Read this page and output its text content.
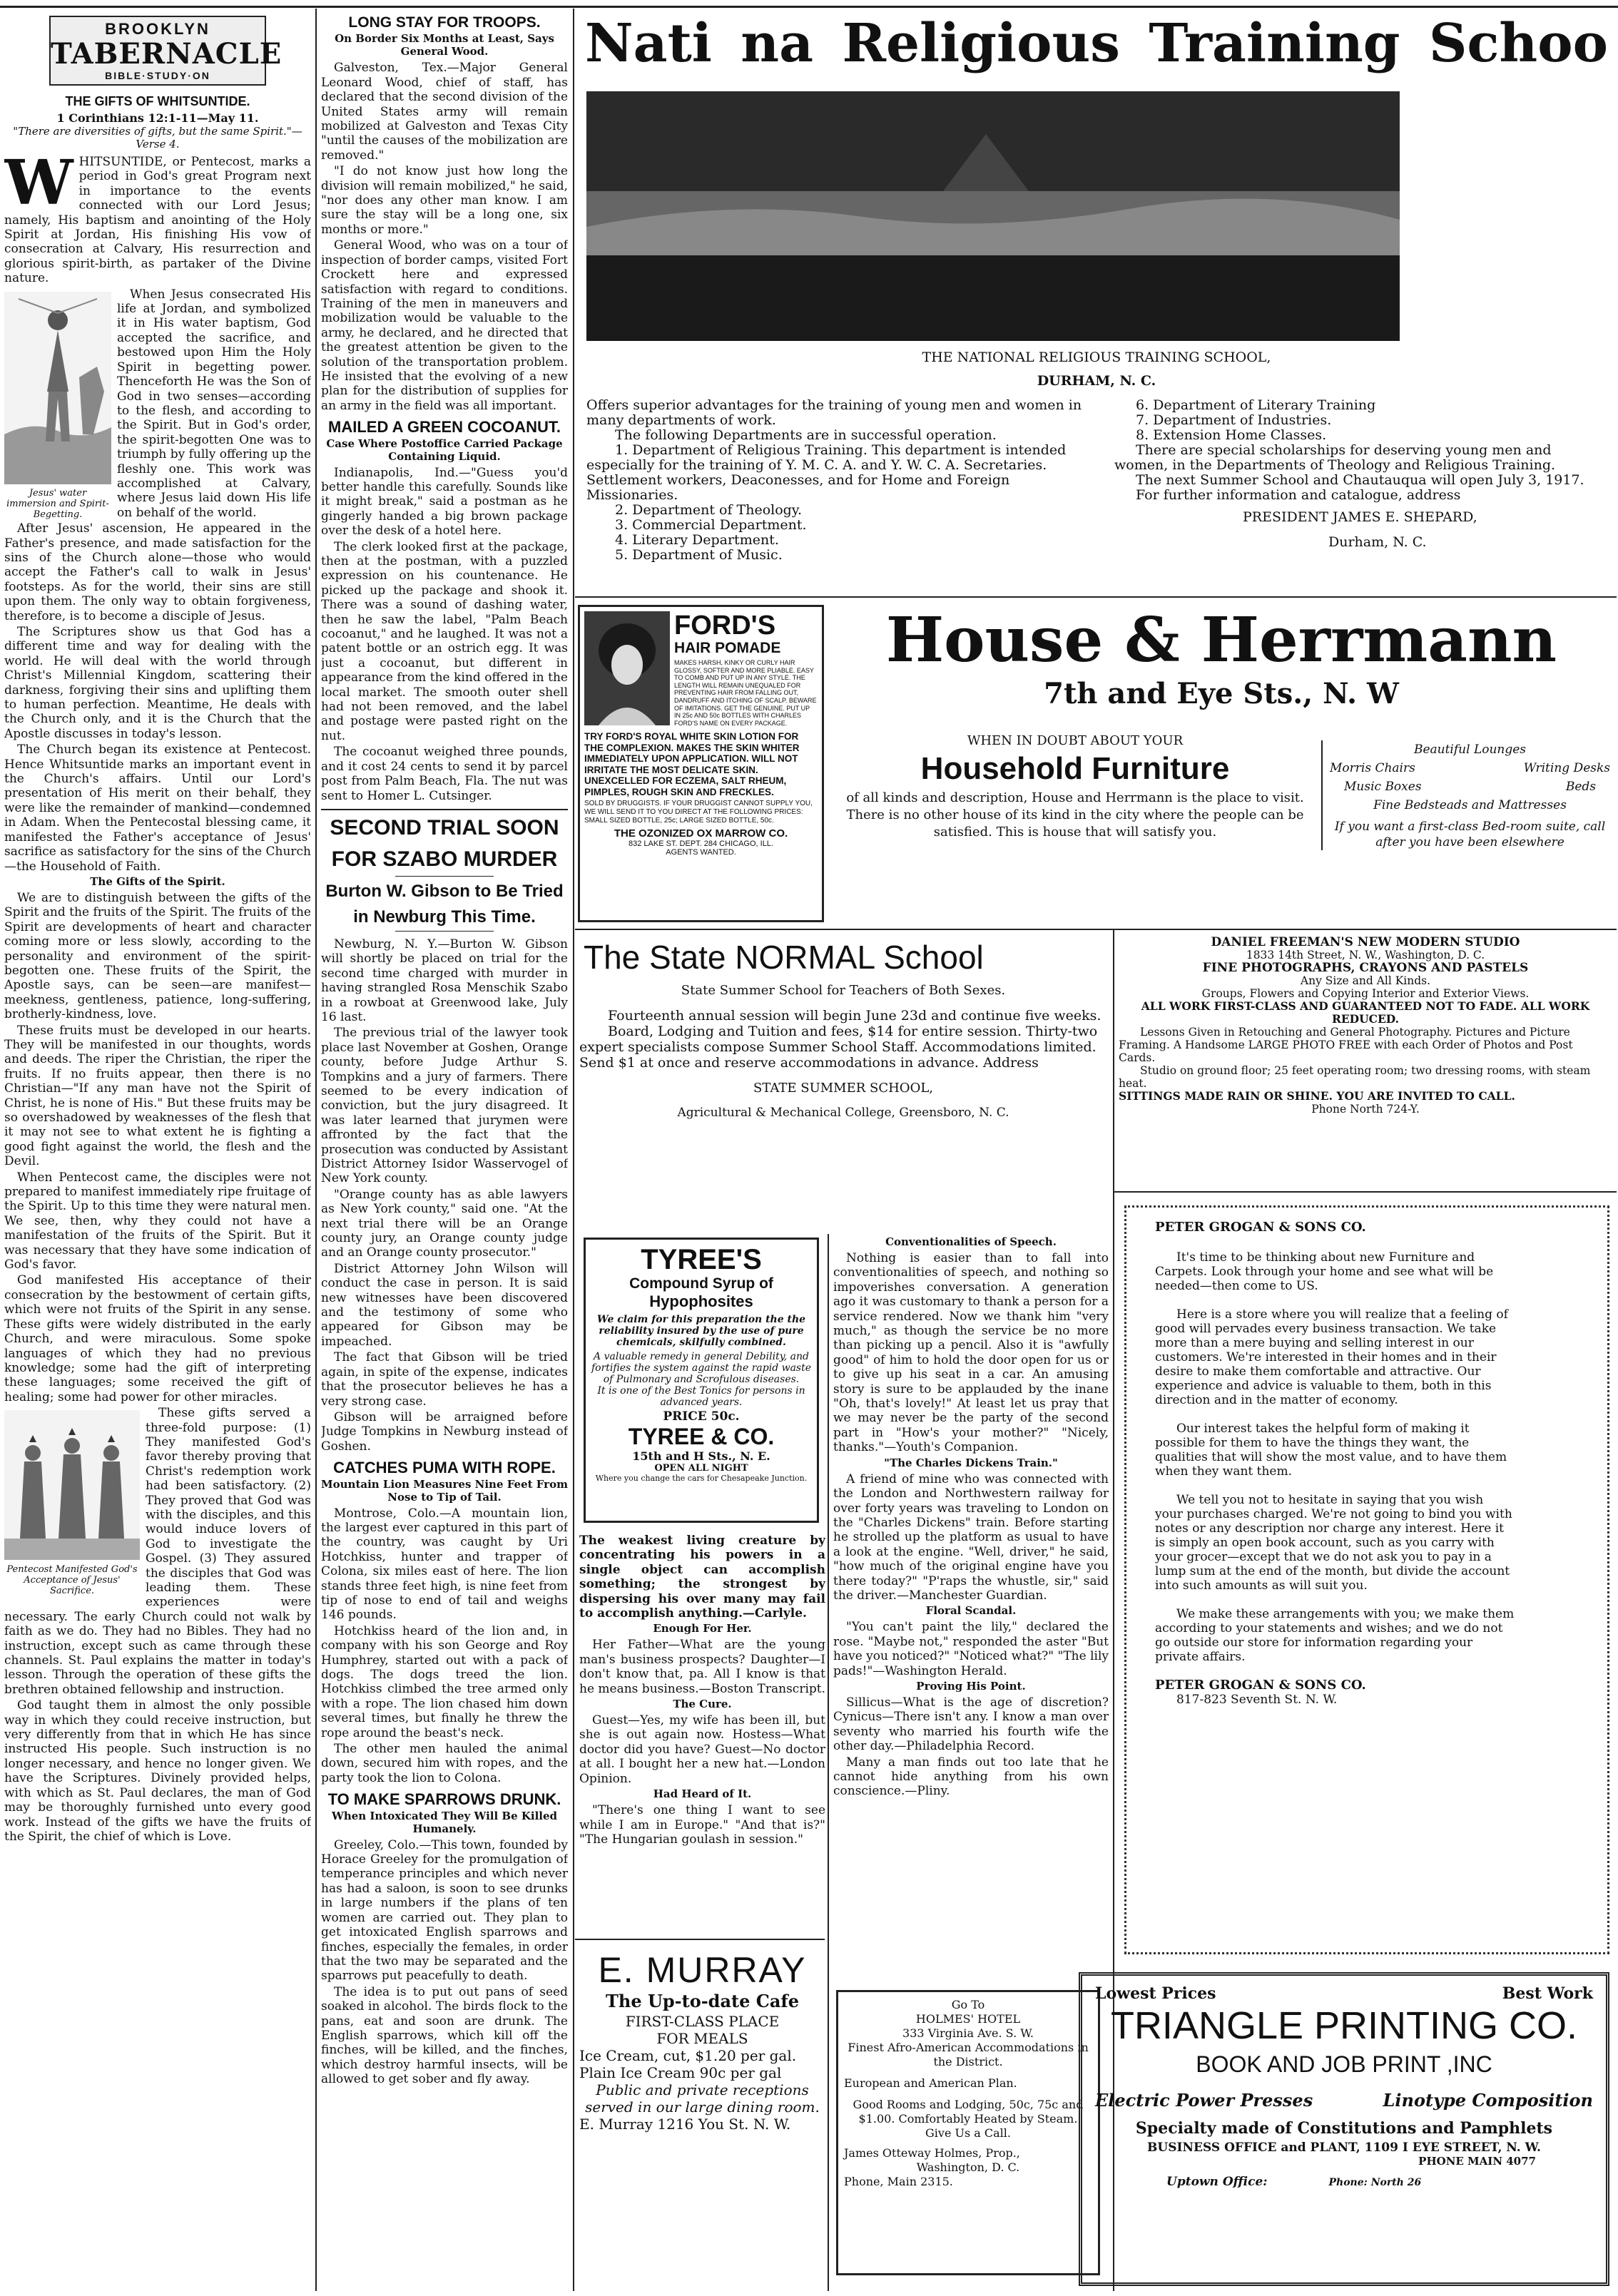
BROOKLYN
TABERNACLE
BIBLE·STUDY·ON
THE GIFTS OF WHITSUNTIDE.
1 Corinthians 12:1-11—May 11.
"There are diversities of gifts, but the same Spirit."—Verse 4.

WHITSUNTIDE, or Pentecost, marks a period in God's great Program next in importance to the events connected with our Lord Jesus; namely, His baptism and anointing of the Holy Spirit at Jordan, His finishing His vow of consecration at Calvary, His resurrection and glorious spirit-birth, as partaker of the Divine nature.

Jesus' water immersion and Spirit-Begetting.

When Jesus consecrated His life at Jordan, and symbolized it in His water baptism, God accepted the sacrifice, and bestowed upon Him the Holy Spirit in begetting power. Thenceforth He was the Son of God in two senses—according to the flesh, and according to the Spirit. But in God's order, the spirit-begotten One was to triumph by fully offering up the fleshly one. This work was accomplished at Calvary, where Jesus laid down His life on behalf of the world.

After Jesus' ascension, He appeared in the Father's presence, and made satisfaction for the sins of the Church alone—those who would accept the Father's call to walk in Jesus' footsteps. As for the world, their sins are still upon them. The only way to obtain forgiveness, therefore, is to become a disciple of Jesus.

The Scriptures show us that God has a different time and way for dealing with the world. He will deal with the world through Christ's Millennial Kingdom, scattering their darkness, forgiving their sins and uplifting them to human perfection. Meantime, He deals with the Church only, and it is the Church that the Apostle discusses in today's lesson.

The Church began its existence at Pentecost. Hence Whitsuntide marks an important event in the Church's affairs. Until our Lord's presentation of His merit on their behalf, they were like the remainder of mankind—condemned in Adam. When the Pentecostal blessing came, it manifested the Father's acceptance of Jesus' sacrifice as satisfactory for the sins of the Church—the Household of Faith.

The Gifts of the Spirit.

We are to distinguish between the gifts of the Spirit and the fruits of the Spirit. The fruits of the Spirit are developments of heart and character coming more or less slowly, according to the personality and environment of the spirit-begotten one. These fruits of the Spirit, the Apostle says, can be seen—are manifest—meekness, gentleness, patience, long-suffering, brotherly-kindness, love.

These fruits must be developed in our hearts. They will be manifested in our thoughts, words and deeds. The riper the Christian, the riper the fruits. If no fruits appear, then there is no Christian—"If any man have not the Spirit of Christ, he is none of His." But these fruits may be so overshadowed by weaknesses of the flesh that it may not see to what extent he is fighting a good fight against the world, the flesh and the Devil.

When Pentecost came, the disciples were not prepared to manifest immediately ripe fruitage of the Spirit. Up to this time they were natural men. We see, then, why they could not have a manifestation of the fruits of the Spirit. But it was necessary that they have some indication of God's favor.

God manifested His acceptance of their consecration by the bestowment of certain gifts, which were not fruits of the Spirit in any sense. These gifts were widely distributed in the early Church, and were miraculous. Some spoke languages of which they had no previous knowledge; some had the gift of interpreting these languages; some received the gift of healing; some had power for other miracles.

Pentecost Manifested God's Acceptance of Jesus' Sacrifice.

These gifts served a three-fold purpose: (1) They manifested God's favor thereby proving that Christ's redemption work had been satisfactory. (2) They proved that God was with the disciples, and this would induce lovers of God to investigate the Gospel. (3) They assured the disciples that God was leading them. These experiences were necessary. The early Church could not walk by faith as we do. They had no Bibles. They had no instruction, except such as came through these channels. St. Paul explains the matter in today's lesson. Through the operation of these gifts the brethren obtained fellowship and instruction.

God taught them in almost the only possible way in which they could receive instruction, but very differently from that in which He has since instructed His people. Such instruction is no longer necessary, and hence no longer given. We have the Scriptures. Divinely provided helps, with which as St. Paul declares, the man of God may be thoroughly furnished unto every good work. Instead of the gifts we have the fruits of the Spirit, the chief of which is Love.

LONG STAY FOR TROOPS.
On Border Six Months at Least, Says General Wood.

Galveston, Tex.—Major General Leonard Wood, chief of staff, has declared that the second division of the United States army will remain mobilized at Galveston and Texas City "until the causes of the mobilization are removed."

"I do not know just how long the division will remain mobilized," he said, "nor does any other man know. I am sure the stay will be a long one, six months or more."

General Wood, who was on a tour of inspection of border camps, visited Fort Crockett here and expressed satisfaction with regard to conditions. Training of the men in maneuvers and mobilization would be valuable to the army, he declared, and he directed that the greatest attention be given to the solution of the transportation problem. He insisted that the evolving of a new plan for the distribution of supplies for an army in the field was all important.

MAILED A GREEN COCOANUT.
Case Where Postoffice Carried Package Containing Liquid.

Indianapolis, Ind.—"Guess you'd better handle this carefully. Sounds like it might break," said a postman as he gingerly handed a big brown package over the desk of a hotel here.

The clerk looked first at the package, then at the postman, with a puzzled expression on his countenance. He picked up the package and shook it. There was a sound of dashing water, then he saw the label, "Palm Beach cocoanut," and he laughed. It was not a patent bottle or an ostrich egg. It was just a cocoanut, but different in appearance from the kind offered in the local market. The smooth outer shell had not been removed, and the label and postage were pasted right on the nut.

The cocoanut weighed three pounds, and it cost 24 cents to send it by parcel post from Palm Beach, Fla. The nut was sent to Homer L. Cutsinger.

SECOND TRIAL SOON
FOR SZABO MURDER
Burton W. Gibson to Be Tried
in Newburg This Time.

Newburg, N. Y.—Burton W. Gibson will shortly be placed on trial for the second time charged with murder in having strangled Rosa Menschik Szabo in a rowboat at Greenwood lake, July 16 last.

The previous trial of the lawyer took place last November at Goshen, Orange county, before Judge Arthur S. Tompkins and a jury of farmers. There seemed to be every indication of conviction, but the jury disagreed. It was later learned that jurymen were affronted by the fact that the prosecution was conducted by Assistant District Attorney Isidor Wasservogel of New York county.

"Orange county has as able lawyers as New York county," said one. "At the next trial there will be an Orange county jury, an Orange county judge and an Orange county prosecutor."

District Attorney John Wilson will conduct the case in person. It is said new witnesses have been discovered and the testimony of some who appeared for Gibson may be impeached.

The fact that Gibson will be tried again, in spite of the expense, indicates that the prosecutor believes he has a very strong case.

Gibson will be arraigned before Judge Tompkins in Newburg instead of Goshen.

CATCHES PUMA WITH ROPE.
Mountain Lion Measures Nine Feet From Nose to Tip of Tail.

Montrose, Colo.—A mountain lion, the largest ever captured in this part of the country, was caught by Uri Hotchkiss, hunter and trapper of Colona, six miles east of here. The lion stands three feet high, is nine feet from tip of nose to end of tail and weighs 146 pounds.

Hotchkiss heard of the lion and, in company with his son George and Roy Humphrey, started out with a pack of dogs. The dogs treed the lion. Hotchkiss climbed the tree armed only with a rope. The lion chased him down several times, but finally he threw the rope around the beast's neck.

The other men hauled the animal down, secured him with ropes, and the party took the lion to Colona.

TO MAKE SPARROWS DRUNK.
When Intoxicated They Will Be Killed Humanely.

Greeley, Colo.—This town, founded by Horace Greeley for the promulgation of temperance principles and which never has had a saloon, is soon to see drunks in large numbers if the plans of ten women are carried out. They plan to get intoxicated English sparrows and finches, especially the females, in order that the two may be separated and the sparrows put peacefully to death.

The idea is to put out pans of seed soaked in alcohol. The birds flock to the pans, eat and soon are drunk. The English sparrows, which kill off the finches, will be killed, and the finches, which destroy harmful insects, will be allowed to get sober and fly away.

Nati na Religious Training Schoo
THE NATIONAL RELIGIOUS TRAINING SCHOOL,
DURHAM, N. C.
Offers superior advantages for the training of young men and women in many departments of work.
The following Departments are in successful operation.
1. Department of Religious Training. This department is intended especially for the training of Y. M. C. A. and Y. W. C. A. Secretaries. Settlement workers, Deaconesses, and for Home and Foreign Missionaries.
2. Department of Theology.
3. Commercial Department.
4. Literary Department.
5. Department of Music.
6. Department of Literary Training
7. Department of Industries.
8. Extension Home Classes.
There are special scholarships for deserving young men and women, in the Departments of Theology and Religious Training.
The next Summer School and Chautauqua will open July 3, 1917.
For further information and catalogue, address
PRESIDENT JAMES E. SHEPARD,
Durham, N. C.
FORD'S
HAIR POMADE
MAKES HARSH, KINKY OR CURLY HAIR GLOSSY, SOFTER AND MORE PLIABLE. EASY TO COMB AND PUT UP IN ANY STYLE. THE LENGTH WILL REMAIN UNEQUALED FOR PREVENTING HAIR FROM FALLING OUT, DANDRUFF AND ITCHING OF SCALP. BEWARE OF IMITATIONS. GET THE GENUINE. PUT UP IN 25c AND 50c BOTTLES WITH CHARLES FORD'S NAME ON EVERY PACKAGE.
TRY FORD'S ROYAL WHITE SKIN LOTION FOR THE COMPLEXION. MAKES THE SKIN WHITER IMMEDIATELY UPON APPLICATION. WILL NOT IRRITATE THE MOST DELICATE SKIN. UNEXCELLED FOR ECZEMA, SALT RHEUM, PIMPLES, ROUGH SKIN AND FRECKLES.
SOLD BY DRUGGISTS. IF YOUR DRUGGIST CANNOT SUPPLY YOU, WE WILL SEND IT TO YOU DIRECT AT THE FOLLOWING PRICES: SMALL SIZED BOTTLE, 25c; LARGE SIZED BOTTLE, 50c.
THE OZONIZED OX MARROW CO.
832 LAKE ST. DEPT. 284 CHICAGO, ILL.
AGENTS WANTED.
House & Herrmann
7th and Eye Sts., N. W
WHEN IN DOUBT ABOUT YOUR
Household Furniture
of all kinds and description, House and Herrmann is the place to visit. There is no other house of its kind in the city where the people can be satisfied. This is house that will satisfy you.
Beautiful Lounges
Morris Chairs	Writing Desks
Music Boxes	Beds
Fine Bedsteads and Mattresses
If you want a first-class Bed-room suite, call after you have been elsewhere
The State NORMAL School
State Summer School for Teachers of Both Sexes.
Fourteenth annual session will begin June 23d and continue five weeks.
Board, Lodging and Tuition and fees, $14 for entire session. Thirty-two expert specialists compose Summer School Staff. Accommodations limited. Send $1 at once and reserve accommodations in advance. Address
STATE SUMMER SCHOOL,
Agricultural & Mechanical College, Greensboro, N. C.
DANIEL FREEMAN'S NEW MODERN STUDIO
1833 14th Street, N. W., Washington, D. C.
FINE PHOTOGRAPHS, CRAYONS AND PASTELS
Any Size and All Kinds.
Groups, Flowers and Copying Interior and Exterior Views.
ALL WORK FIRST-CLASS AND GUARANTEED NOT TO FADE. ALL WORK REDUCED.
Lessons Given in Retouching and General Photography. Pictures and Picture Framing. A Handsome LARGE PHOTO FREE with each Order of Photos and Post Cards.
Studio on ground floor; 25 feet operating room; two dressing rooms, with steam heat.
SITTINGS MADE RAIN OR SHINE. YOU ARE INVITED TO CALL.
Phone North 724-Y.
TYREE'S
Compound Syrup of
Hypophosites
We claim for this preparation the the reliability insured by the use of pure chemicals, skilfully combined.
A valuable remedy in general Debility, and fortifies the system against the rapid waste of Pulmonary and Scrofulous diseases.
It is one of the Best Tonics for persons in advanced years.
PRICE 50c.
TYREE & CO.
15th and H Sts., N. E.
OPEN ALL NIGHT
Where you change the cars for Chesapeake Junction.

The weakest living creature by concentrating his powers in a single object can accomplish something; the strongest by dispersing his over many may fail to accomplish anything.—Carlyle.

Enough For Her.

Her Father—What are the young man's business prospects? Daughter—I don't know that, pa. All I know is that he means business.—Boston Transcript.

The Cure.

Guest—Yes, my wife has been ill, but she is out again now. Hostess—What doctor did you have? Guest—No doctor at all. I bought her a new hat.—London Opinion.

Had Heard of It.

"There's one thing I want to see while I am in Europe." "And that is?" "The Hungarian goulash in session."

E. MURRAY
The Up-to-date Cafe
FIRST-CLASS PLACE
FOR MEALS
Ice Cream, cut, $1.20 per gal.
Plain Ice Cream 90c per gal
Public and private receptions served in our large dining room.
E. Murray 1216 You St. N. W.
Conventionalities of Speech.

Nothing is easier than to fall into conventionalities of speech, and nothing so impoverishes conversation. A generation ago it was customary to thank a person for a service rendered. Now we thank him "very much," as though the service be no more than picking up a pencil. Also it is "awfully good" of him to hold the door open for us or to give up his seat in a car. An amusing story is sure to be applauded by the inane "Oh, that's lovely!" At least let us pray that we may never be the party of the second part in "How's your mother?" "Nicely, thanks."—Youth's Companion.

"The Charles Dickens Train."

A friend of mine who was connected with the London and Northwestern railway for over forty years was traveling to London on the "Charles Dickens" train. Before starting he strolled up the platform as usual to have a look at the engine. "Well, driver," he said, "how much of the original engine have you there today?" "P'raps the whustle, sir," said the driver.—Manchester Guardian.

Floral Scandal.

"You can't paint the lily," declared the rose. "Maybe not," responded the aster "But have you noticed?" "Noticed what?" "The lily pads!"—Washington Herald.

Proving His Point.

Sillicus—What is the age of discretion? Cynicus—There isn't any. I know a man over seventy who married his fourth wife the other day.—Philadelphia Record.

Many a man finds out too late that he cannot hide anything from his own conscience.—Pliny.

Go To
HOLMES' HOTEL
333 Virginia Ave. S. W.
Finest Afro-American Accommodations in the District.
European and American Plan.
Good Rooms and Lodging, 50c, 75c and $1.00. Comfortably Heated by Steam. Give Us a Call.
James Otteway Holmes, Prop.,
Washington, D. C.
Phone, Main 2315.
PETER GROGAN & SONS CO.
It's time to be thinking about new Furniture and Carpets. Look through your home and see what will be needed—then come to US.
Here is a store where you will realize that a feeling of good will pervades every business transaction. We take more than a mere buying and selling interest in our customers. We're interested in their homes and in their desire to make them comfortable and attractive. Our experience and advice is valuable to them, both in this direction and in the matter of economy.
Our interest takes the helpful form of making it possible for them to have the things they want, the qualities that will show the most value, and to have them when they want them.
We tell you not to hesitate in saying that you wish your purchases charged. We're not going to bind you with notes or any description nor charge any interest. Here it is simply an open book account, such as you carry with your grocer—except that we do not ask you to pay in a lump sum at the end of the month, but divide the account into such amounts as will suit you.
We make these arrangements with you; we make them according to your statements and wishes; and we do not go outside our store for information regarding your private affairs.
PETER GROGAN & SONS CO.
817-823 Seventh St. N. W.
Lowest Prices	Best Work
TRIANGLE PRINTING CO.
BOOK AND JOB PRINT ,INC
Electric Power Presses	Linotype Composition
Specialty made of Constitutions and Pamphlets
BUSINESS OFFICE and PLANT, 1109 I EYE STREET, N. W.
PHONE MAIN 4077
Uptown Office:	Phone: North 26
